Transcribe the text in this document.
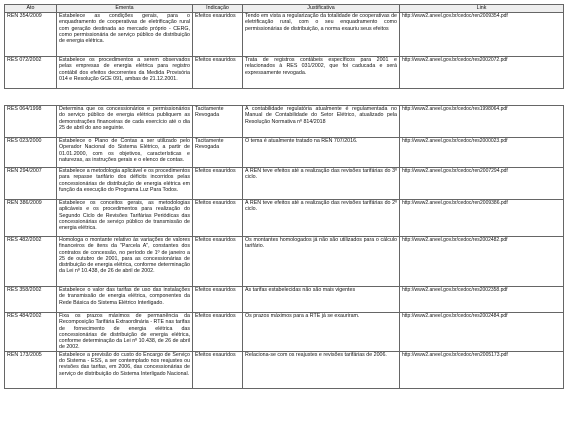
Ato	Ementa	Indicação	Justificativa	Link
REN 354/2009	Estabelece as condições gerais, para o enquadramento de cooperativas de eletrificação rural com geração destinada ao mercado próprio - CERG, como permissionária de serviço público de distribuição de energia elétrica.	Efeitos exauridos	Tendo em vista a regularização da totalidade de cooperativas de eletrificação rural, com o seu enquadramento como permissionárias de distribuição, a norma exauriu seus efeitos	http://www2.aneel.gov.br/cedoc/ren2009354.pdf
RES 072/2002	Estabelece os procedimentos a serem observados pelas empresas de energia elétrica para registro contábil dos efeitos decorrentes da Medida Provisória 014 e Resolução GCE 091, ambas de 21.12.2001.	Efeitos exauridos	Trata de registros contábeis específicos para 2001 e relacionados à RES 031/2002, que foi caducada e será expressamente revogada.	http://www2.aneel.gov.br/cedoc/res2002072.pdf
RES 064/1998	Determina que os concessionários e permissionários do serviço público de energia elétrica publiquem as demonstrações financeiras de cada exercício até o dia 25 de abril do ano seguinte.	Tacitamente Revogada	A contabilidade regulatória atualmente é regulamentada no Manual de Contabilidade do Setor Elétrico, atualizado pela Resolução Normativa nº 814/2018	http://www2.aneel.gov.br/cedoc/res1998064.pdf
RES 023/2000	Estabelece o Plano de Contas a ser utilizado pelo Operador Nacional do Sistema Elétrico, a partir de 01.01.2000, com os objetivos, características e naturezas, as instruções gerais e o elenco de contas.	Tacitamente Revogada	O tema é atualmente tratado na REN 707/2016.	http://www2.aneel.gov.br/cedoc/res2000023.pdf
REN 294/2007	Estabelece a metodologia aplicável e os procedimentos para repasse tarifário dos déficits incorridos pelas concessionárias de distribuição de energia elétrica em função da execução do Programa Luz Para Todos.	Efeitos exauridos	A REN teve efeitos até a realização das revisões tarifárias do 3º ciclo.	http://www2.aneel.gov.br/cedoc/ren2007294.pdf
REN 386/2009	Estabelece os conceitos gerais, as metodologias aplicáveis e os procedimentos para realização do Segundo Ciclo de Revisões Tarifárias Periódicas das concessionárias de serviço público de transmissão de energia elétrica.	Efeitos exauridos	A REN teve efeitos até a realização das revisões tarifárias do 2º ciclo.	http://www2.aneel.gov.br/cedoc/ren2009386.pdf
RES 482/2002	Homologa o montante relativo às variações de valores financeiros de itens da "Parcela A", constantes dos contratos de concessão, no período de 1º de janeiro a 25 de outubro de 2001, para as concessionárias de distribuição de energia elétrica, conforme determinação da Lei nº 10.438, de 26 de abril de 2002.	Efeitos exauridos	Os montantes homologados já não são utilizados para o cálculo tarifário.	http://www2.aneel.gov.br/cedoc/res2002482.pdf
RES 358/2002	Estabelece o valor das tarifas de uso das instalações de transmissão de energia elétrica, componentes da Rede Básica do Sistema Elétrico Interligado.	Efeitos exauridos	As tarifas estabelecidas não são mais vigentes	http://www2.aneel.gov.br/cedoc/res2002358.pdf
RES 484/2002	Fixa os prazos máximos de permanência da Recomposição Tarifária Extraordinária - RTE nas tarifas de fornecimento de energia elétrica das concessionárias de distribuição de energia elétrica, conforme determinação da Lei nº 10.438, de 26 de abril de 2002.	Efeitos exauridos	Os prazos máximos para a RTE já se exauriram.	http://www2.aneel.gov.br/cedoc/res2002484.pdf
REN 173/2005	Estabelece a previsão do custo do Encargo de Serviço do Sistema - ESS, a ser contemplado nos reajustes ou revisões das tarifas, em 2006, das concessionárias de serviço de distribuição do Sistema Interligado Nacional.	Efeitos exauridos	Relaciona-se com os reajustes e revisões tarifárias de 2006.	http://www2.aneel.gov.br/cedoc/ren2005173.pdf
